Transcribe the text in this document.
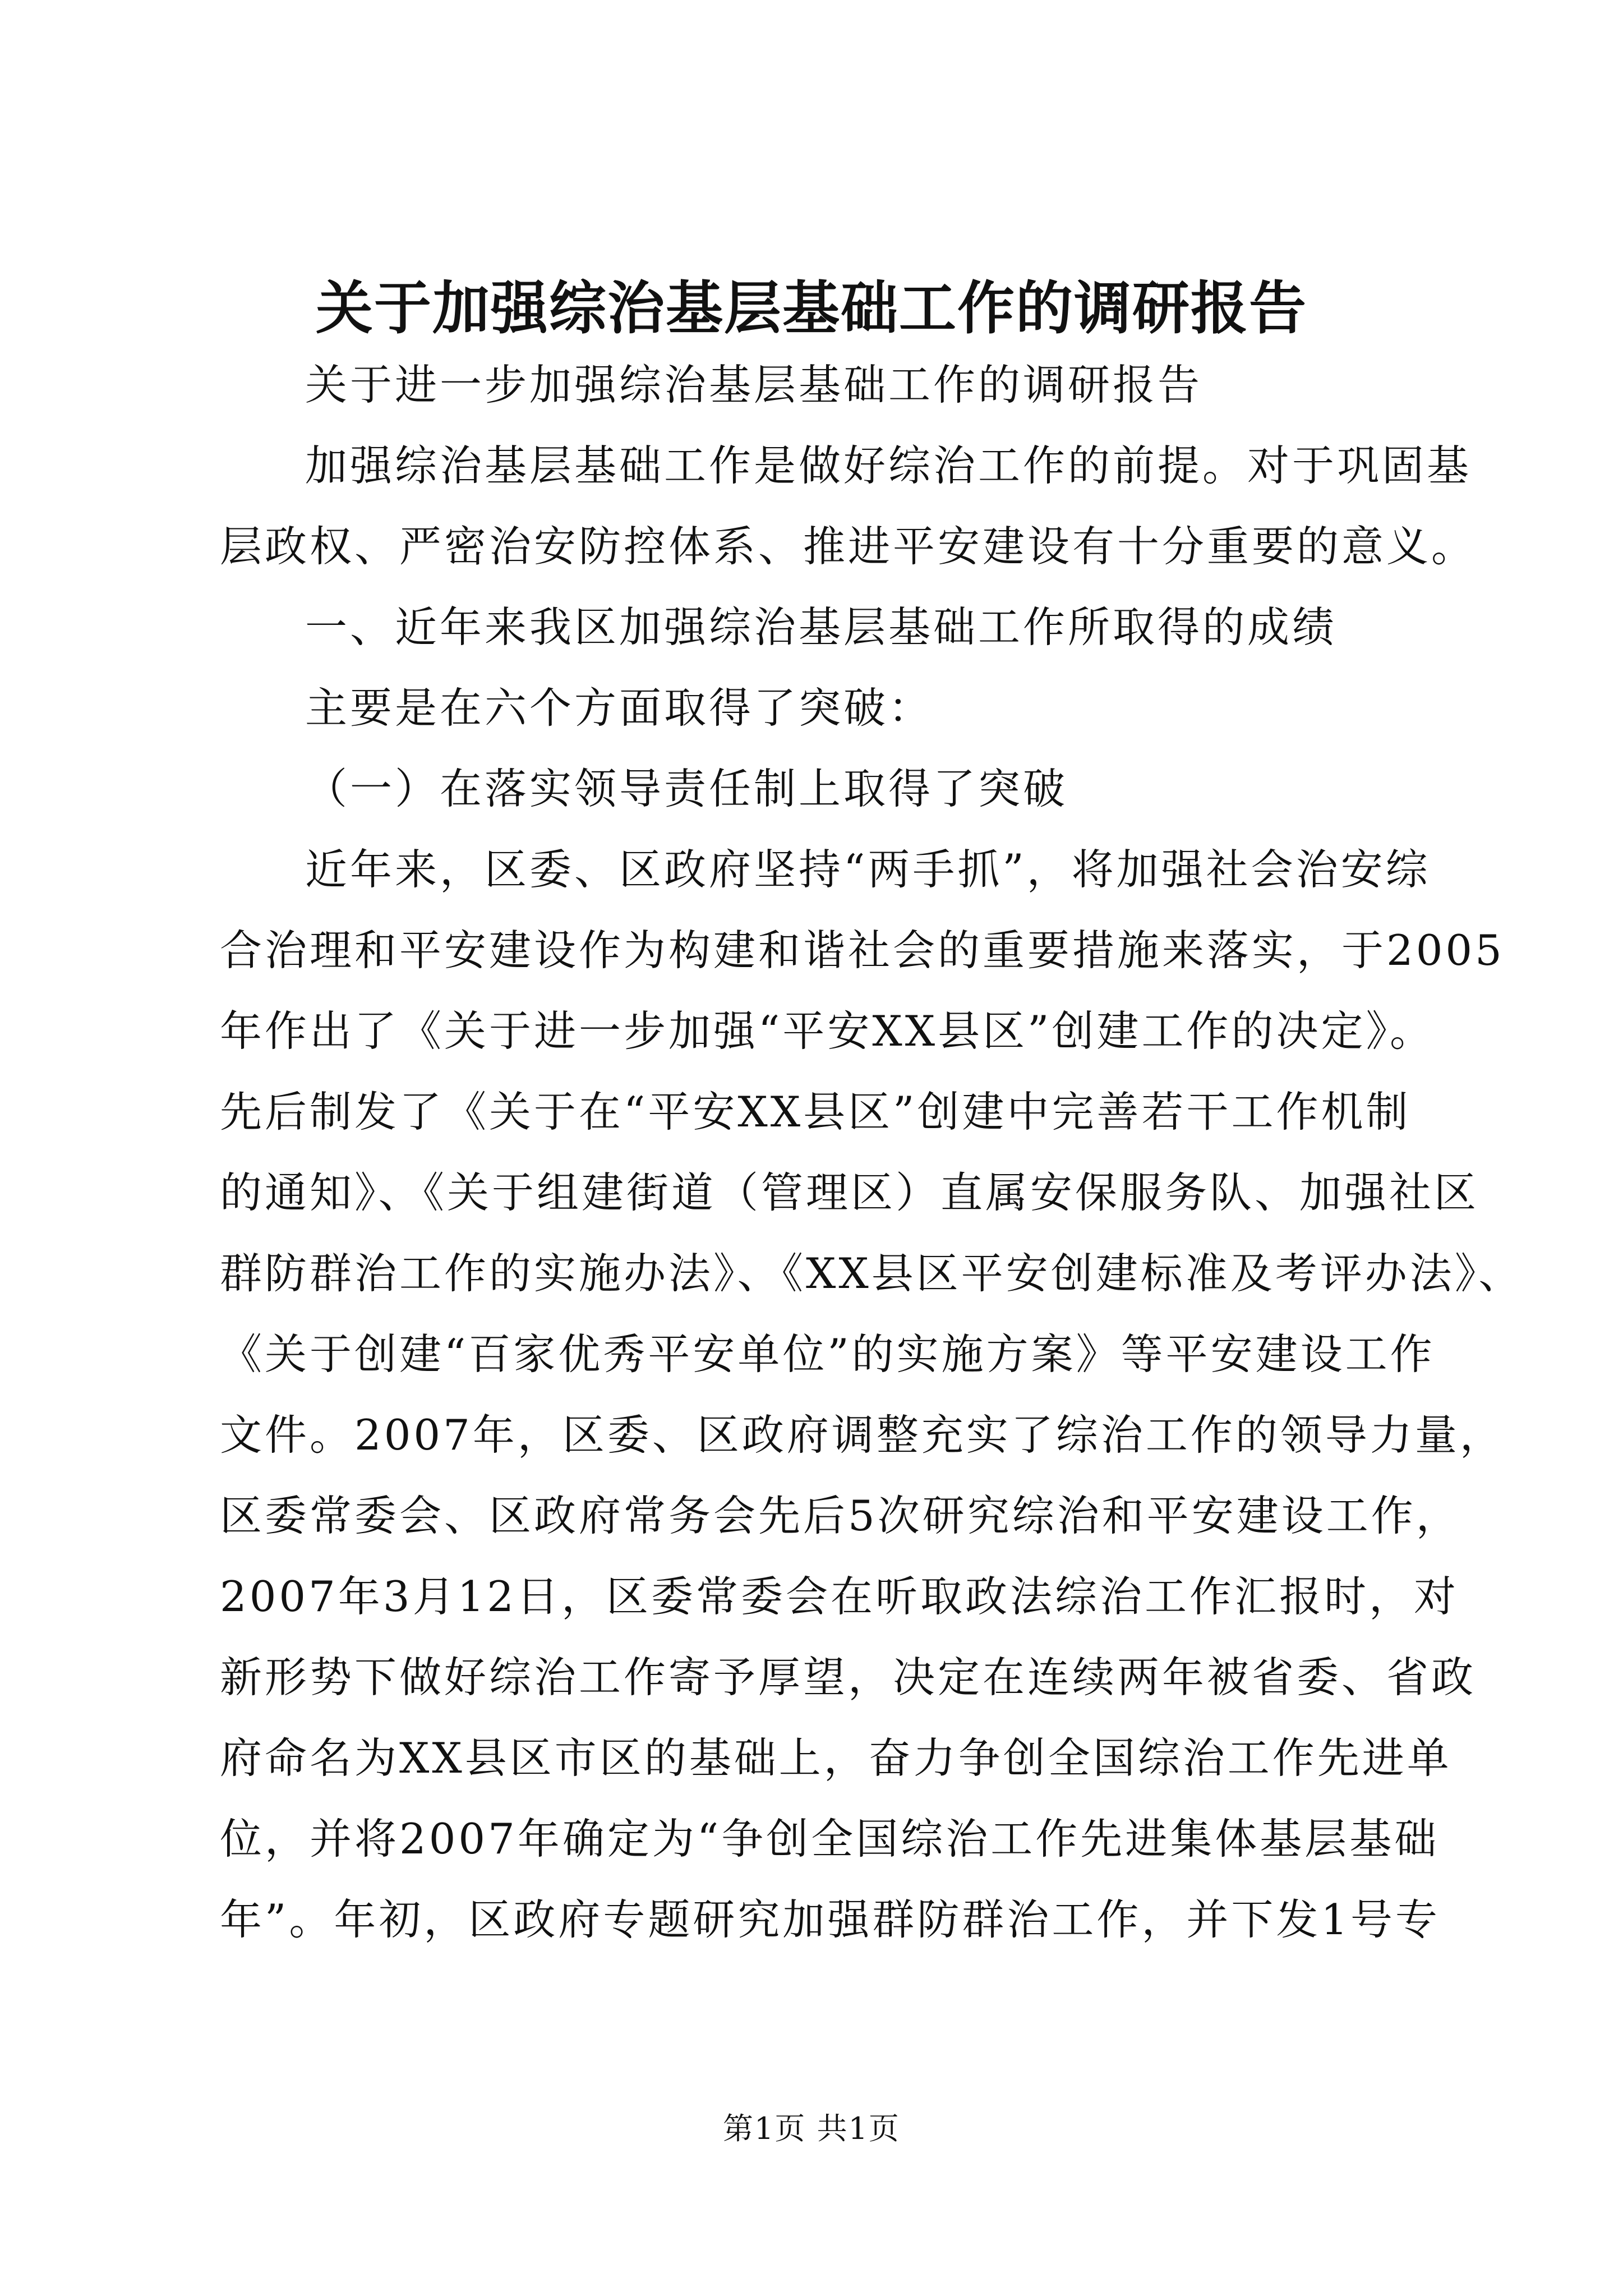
关于加强综治基层基础工作的调研报告
关于进一步加强综治基层基础工作的调研报告
加强综治基层基础工作是做好综治工作的前提。对于巩固基
层政权、严密治安防控体系、推进平安建设有十分重要的意义。
一、近年来我区加强综治基层基础工作所取得的成绩
主要是在六个方面取得了突破：
（一）在落实领导责任制上取得了突破
近年来，区委、区政府坚持“两手抓”，将加强社会治安综
合治理和平安建设作为构建和谐社会的重要措施来落实，于2005
年作出了《关于进一步加强“平安XX县区”创建工作的决定》。
先后制发了《关于在“平安XX县区”创建中完善若干工作机制
的通知》、《关于组建街道（管理区）直属安保服务队、加强社区
群防群治工作的实施办法》、《XX县区平安创建标准及考评办法》、
《关于创建“百家优秀平安单位”的实施方案》等平安建设工作
文件。2007年，区委、区政府调整充实了综治工作的领导力量，
区委常委会、区政府常务会先后5次研究综治和平安建设工作，
2007年3月12日，区委常委会在听取政法综治工作汇报时，对
新形势下做好综治工作寄予厚望，决定在连续两年被省委、省政
府命名为XX县区市区的基础上，奋力争创全国综治工作先进单
位，并将2007年确定为“争创全国综治工作先进集体基层基础
年”。年初，区政府专题研究加强群防群治工作，并下发1号专
第1页 共1页
